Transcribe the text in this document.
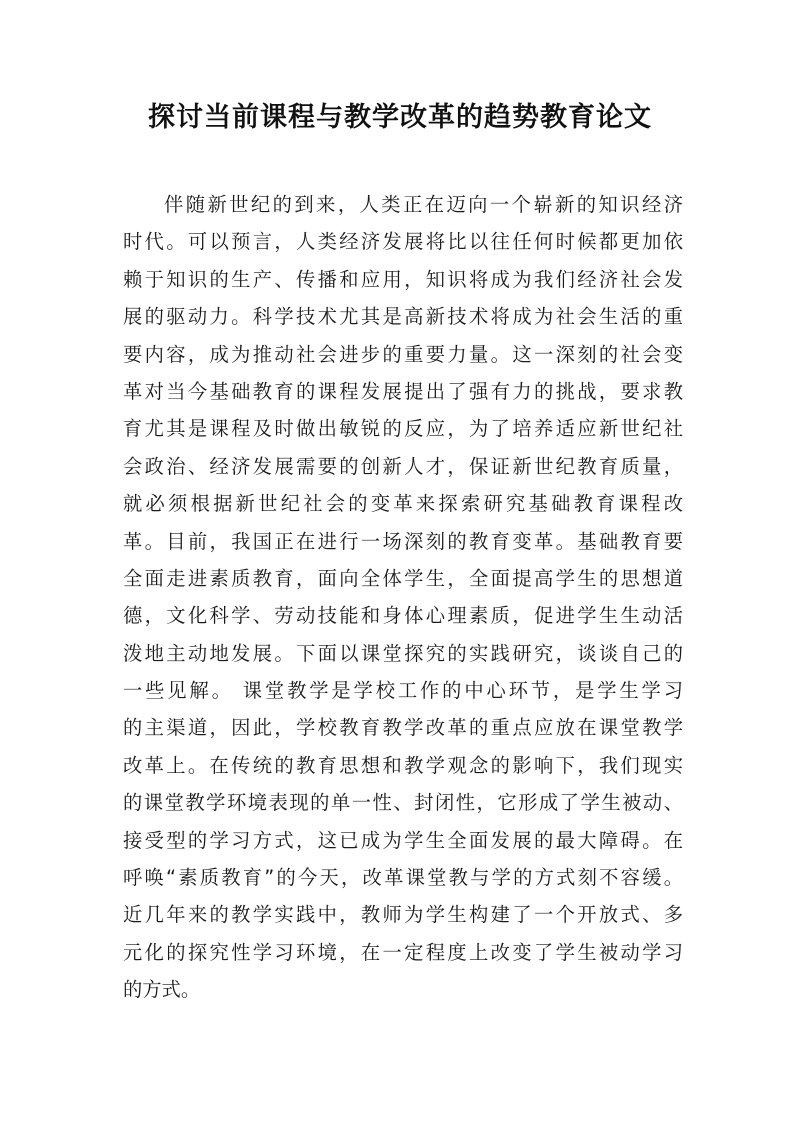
探讨当前课程与教学改革的趋势教育论文
伴随新世纪的到来，人类正在迈向一个崭新的知识经济
时代。可以预言，人类经济发展将比以往任何时候都更加依
赖于知识的生产、传播和应用，知识将成为我们经济社会发
展的驱动力。科学技术尤其是高新技术将成为社会生活的重
要内容，成为推动社会进步的重要力量。这一深刻的社会变
革对当今基础教育的课程发展提出了强有力的挑战，要求教
育尤其是课程及时做出敏锐的反应，为了培养适应新世纪社
会政治、经济发展需要的创新人才，保证新世纪教育质量，
就必须根据新世纪社会的变革来探索研究基础教育课程改
革。目前，我国正在进行一场深刻的教育变革。基础教育要
全面走进素质教育，面向全体学生，全面提高学生的思想道
德，文化科学、劳动技能和身体心理素质，促进学生生动活
泼地主动地发展。下面以课堂探究的实践研究，谈谈自己的
一些见解。 课堂教学是学校工作的中心环节，是学生学习
的主渠道，因此，学校教育教学改革的重点应放在课堂教学
改革上。在传统的教育思想和教学观念的影响下，我们现实
的课堂教学环境表现的单一性、封闭性，它形成了学生被动、
接受型的学习方式，这已成为学生全面发展的最大障碍。在
呼唤“素质教育”的今天，改革课堂教与学的方式刻不容缓。
近几年来的教学实践中，教师为学生构建了一个开放式、多
元化的探究性学习环境，在一定程度上改变了学生被动学习
的方式。
